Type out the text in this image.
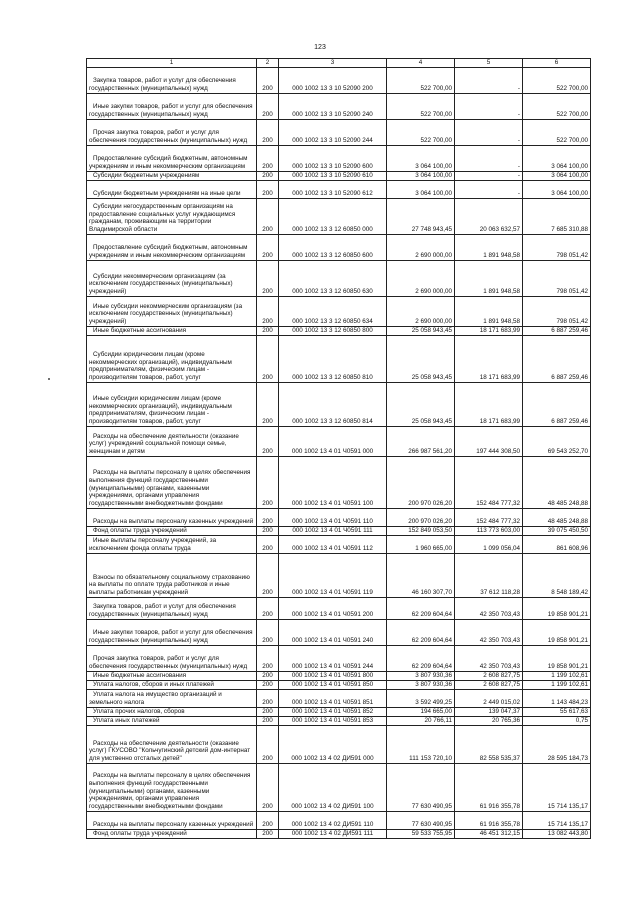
123
1	2	3	4	5	6
Закупка товаров, работ и услуг для обеспечения государственных (муниципальных) нужд	200	000 1002 13 3 10 52090 200	522 700,00	-	522 700,00
Иные закупки товаров, работ и услуг для обеспечения государственных (муниципальных) нужд	200	000 1002 13 3 10 52090 240	522 700,00	-	522 700,00
Прочая закупка товаров, работ и услуг для обеспечения государственных (муниципальных) нужд	200	000 1002 13 3 10 52090 244	522 700,00	-	522 700,00
Предоставление субсидий бюджетным, автономным учреждениям и иным некоммерческим организациям	200	000 1002 13 3 10 52090 600	3 064 100,00	-	3 064 100,00
Субсидии бюджетным учреждениям	200	000 1002 13 3 10 52090 610	3 064 100,00	-	3 064 100,00
Субсидии бюджетным учреждениям на иные цели	200	000 1002 13 3 10 52090 612	3 064 100,00	-	3 064 100,00
Субсидии негосударственным организациям на предоставление социальных услуг нуждающимся гражданам, проживающим на территории Владимирской области	200	000 1002 13 3 12 60850 000	27 748 943,45	20 063 632,57	7 685 310,88
Предоставление субсидий бюджетным, автономным учреждениям и иным некоммерческим организациям	200	000 1002 13 3 12 60850 600	2 690 000,00	1 891 948,58	798 051,42
Субсидии некоммерческим организациям (за исключением государственных (муниципальных) учреждений)	200	000 1002 13 3 12 60850 630	2 690 000,00	1 891 948,58	798 051,42
Иные субсидии некоммерческим организациям (за исключением государственных (муниципальных) учреждений)	200	000 1002 13 3 12 60850 634	2 690 000,00	1 891 948,58	798 051,42
Иные бюджетные ассигнования	200	000 1002 13 3 12 60850 800	25 058 943,45	18 171 683,99	6 887 259,46
Субсидии юридическим лицам (кроме некоммерческих организаций), индивидуальным предпринимателям, физическим лицам - производителям товаров, работ, услуг	200	000 1002 13 3 12 60850 810	25 058 943,45	18 171 683,99	6 887 259,46
Иные субсидии юридическим лицам (кроме некоммерческих организаций), индивидуальным предпринимателям, физическим лицам - производителям товаров, работ, услуг	200	000 1002 13 3 12 60850 814	25 058 943,45	18 171 683,99	6 887 259,46
Расходы на обеспечение деятельности (оказание услуг) учреждений социальной помощи семье, женщинам и детям	200	000 1002 13 4 01 Ч0591 000	266 987 561,20	197 444 308,50	69 543 252,70
Расходы на выплаты персоналу в целях обеспечения выполнения функций государственными (муниципальными) органами, казенными учреждениями, органами управления государственными внебюджетными фондами	200	000 1002 13 4 01 Ч0591 100	200 970 026,20	152 484 777,32	48 485 248,88
Расходы на выплаты персоналу казенных учреждений	200	000 1002 13 4 01 Ч0591 110	200 970 026,20	152 484 777,32	48 485 248,88
Фонд оплаты труда учреждений	200	000 1002 13 4 01 Ч0591 111	152 849 053,50	113 773 603,00	39 075 450,50
Иные выплаты персоналу учреждений, за исключением фонда оплаты труда	200	000 1002 13 4 01 Ч0591 112	1 960 665,00	1 099 056,04	861 608,96
Взносы по обязательному социальному страхованию на выплаты по оплате труда работников и иные выплаты работникам учреждений	200	000 1002 13 4 01 Ч0591 119	46 160 307,70	37 612 118,28	8 548 189,42
Закупка товаров, работ и услуг для обеспечения государственных (муниципальных) нужд	200	000 1002 13 4 01 Ч0591 200	62 209 604,64	42 350 703,43	19 858 901,21
Иные закупки товаров, работ и услуг для обеспечения государственных (муниципальных) нужд	200	000 1002 13 4 01 Ч0591 240	62 209 604,64	42 350 703,43	19 858 901,21
Прочая закупка товаров, работ и услуг для обеспечения государственных (муниципальных) нужд	200	000 1002 13 4 01 Ч0591 244	62 209 604,64	42 350 703,43	19 858 901,21
Иные бюджетные ассигнования	200	000 1002 13 4 01 Ч0591 800	3 807 930,36	2 608 827,75	1 199 102,61
Уплата налогов, сборов и иных платежей	200	000 1002 13 4 01 Ч0591 850	3 807 930,36	2 608 827,75	1 199 102,61
Уплата налога на имущество организаций и земельного налога	200	000 1002 13 4 01 Ч0591 851	3 592 499,25	2 449 015,02	1 143 484,23
Уплата прочих налогов, сборов	200	000 1002 13 4 01 Ч0591 852	194 665,00	139 047,37	55 617,63
Уплата иных платежей	200	000 1002 13 4 01 Ч0591 853	20 766,11	20 765,36	0,75
Расходы на обеспечение деятельности (оказание услуг) ГКУСОВО "Кольчугинский детский дом-интернат для умственно отсталых детей"	200	000 1002 13 4 02 ДИ591 000	111 153 720,10	82 558 535,37	28 595 184,73
Расходы на выплаты персоналу в целях обеспечения выполнения функций государственными (муниципальными) органами, казенными учреждениями, органами управления государственными внебюджетными фондами	200	000 1002 13 4 02 ДИ591 100	77 630 490,95	61 916 355,78	15 714 135,17
Расходы на выплаты персоналу казенных учреждений	200	000 1002 13 4 02 ДИ591 110	77 630 490,95	61 916 355,78	15 714 135,17
Фонд оплаты труда учреждений	200	000 1002 13 4 02 ДИ591 111	59 533 755,95	46 451 312,15	13 082 443,80
